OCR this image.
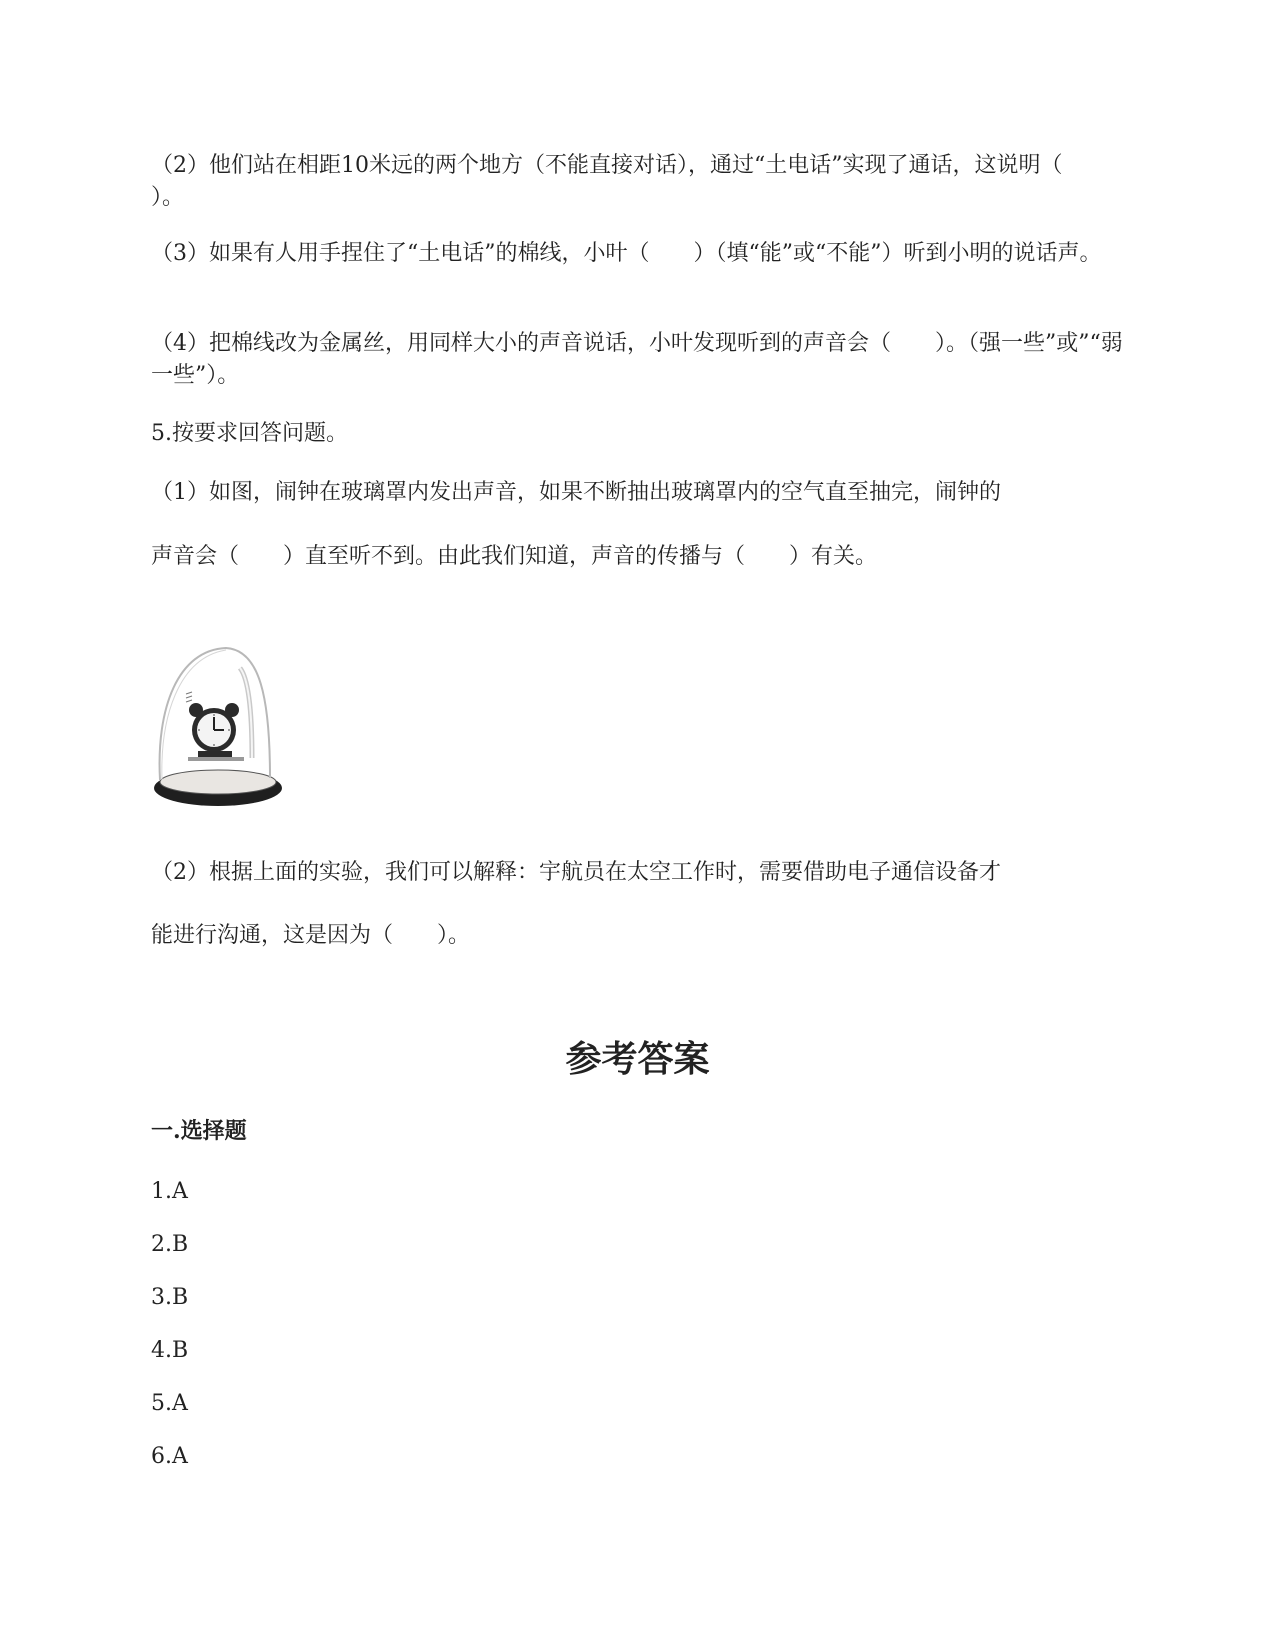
（2）他们站在相距10米远的两个地方（不能直接对话），通过“土电话”实现了通话，这说明（　　）。

（3）如果有人用手捏住了“土电话”的棉线，小叶（　　）（填“能”或“不能”）听到小明的说话声。

（4）把棉线改为金属丝，用同样大小的声音说话，小叶发现听到的声音会（　　）。（强一些”或”“弱一些”）。

5.按要求回答问题。

（1）如图，闹钟在玻璃罩内发出声音，如果不断抽出玻璃罩内的空气直至抽完，闹钟的

声音会（　　）直至听不到。由此我们知道，声音的传播与（　　）有关。

（2）根据上面的实验，我们可以解释：宇航员在太空工作时，需要借助电子通信设备才

能进行沟通，这是因为（　　）。

参考答案
一.选择题

1.A

2.B

3.B

4.B

5.A

6.A
